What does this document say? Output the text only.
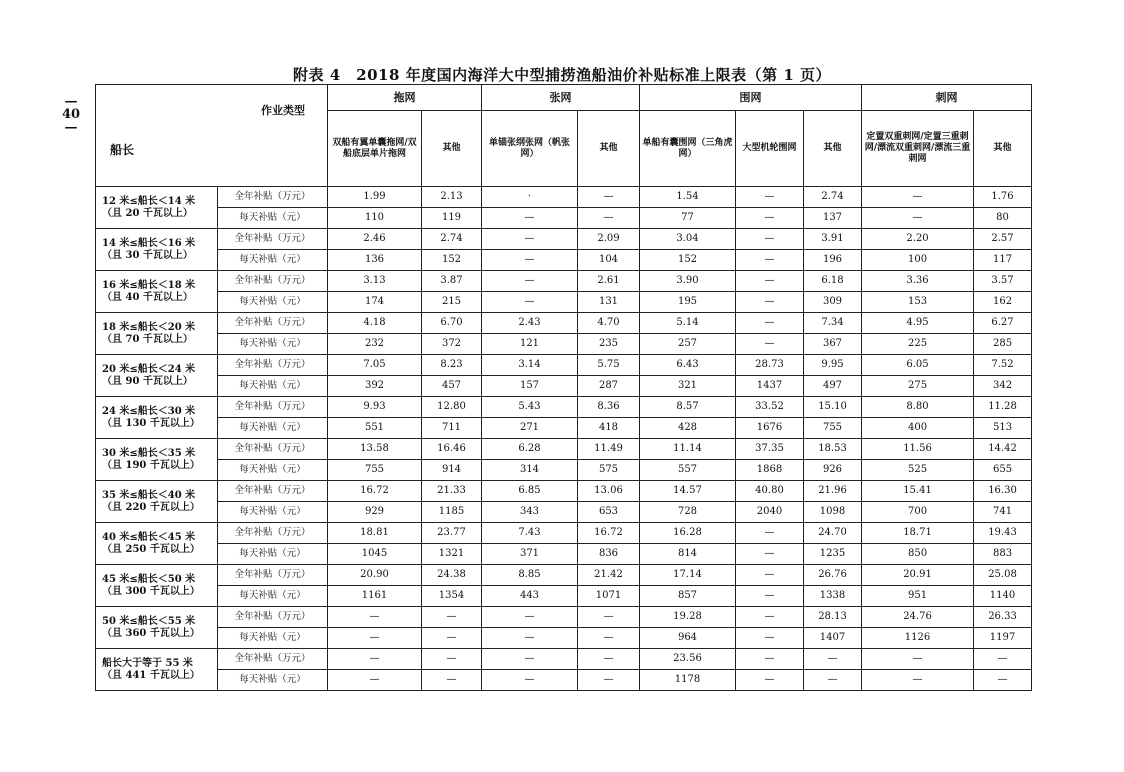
—
40
—
附表 4　2018 年度国内海洋大中型捕捞渔船油价补贴标准上限表（第 1 页）
作业类型
船长		拖网		张网		围网			刺网	
		双船有翼单囊拖网/双船底层单片拖网	其他	单锚张纲张网（帆张网）	其他	单船有囊围网（三角虎网）	大型机轮围网	其他	定置双重刺网/定置三重刺网/漂流双重刺网/漂流三重刺网	其他

12 米≤船长＜14 米
（且 20 千瓦以上）	全年补贴（万元）	1.99	2.13	·	—	1.54	—	2.74	—	1.76
	每天补贴（元）	110	119	—	—	77	—	137	—	80

14 米≤船长＜16 米
（且 30 千瓦以上）	全年补贴（万元）	2.46	2.74	—	2.09	3.04	—	3.91	2.20	2.57
	每天补贴（元）	136	152	—	104	152	—	196	100	117

16 米≤船长＜18 米
（且 40 千瓦以上）	全年补贴（万元）	3.13	3.87	—	2.61	3.90	—	6.18	3.36	3.57
	每天补贴（元）	174	215	—	131	195	—	309	153	162

18 米≤船长＜20 米
（且 70 千瓦以上）	全年补贴（万元）	4.18	6.70	2.43	4.70	5.14	—	7.34	4.95	6.27
	每天补贴（元）	232	372	121	235	257	—	367	225	285

20 米≤船长＜24 米
（且 90 千瓦以上）	全年补贴（万元）	7.05	8.23	3.14	5.75	6.43	28.73	9.95	6.05	7.52
	每天补贴（元）	392	457	157	287	321	1437	497	275	342

24 米≤船长＜30 米
（且 130 千瓦以上）	全年补贴（万元）	9.93	12.80	5.43	8.36	8.57	33.52	15.10	8.80	11.28
	每天补贴（元）	551	711	271	418	428	1676	755	400	513

30 米≤船长＜35 米
（且 190 千瓦以上）	全年补贴（万元）	13.58	16.46	6.28	11.49	11.14	37.35	18.53	11.56	14.42
	每天补贴（元）	755	914	314	575	557	1868	926	525	655

35 米≤船长＜40 米
（且 220 千瓦以上）	全年补贴（万元）	16.72	21.33	6.85	13.06	14.57	40.80	21.96	15.41	16.30
	每天补贴（元）	929	1185	343	653	728	2040	1098	700	741

40 米≤船长＜45 米
（且 250 千瓦以上）	全年补贴（万元）	18.81	23.77	7.43	16.72	16.28	—	24.70	18.71	19.43
	每天补贴（元）	1045	1321	371	836	814	—	1235	850	883

45 米≤船长＜50 米
（且 300 千瓦以上）	全年补贴（万元）	20.90	24.38	8.85	21.42	17.14	—	26.76	20.91	25.08
	每天补贴（元）	1161	1354	443	1071	857	—	1338	951	1140

50 米≤船长＜55 米
（且 360 千瓦以上）	全年补贴（万元）	—	—	—	—	19.28	—	28.13	24.76	26.33
	每天补贴（元）	—	—	—	—	964	—	1407	1126	1197

船长大于等于 55 米
（且 441 千瓦以上）	全年补贴（万元）	—	—	—	—	23.56	—	—	—	—
	每天补贴（元）	—	—	—	—	1178	—	—	—	—
